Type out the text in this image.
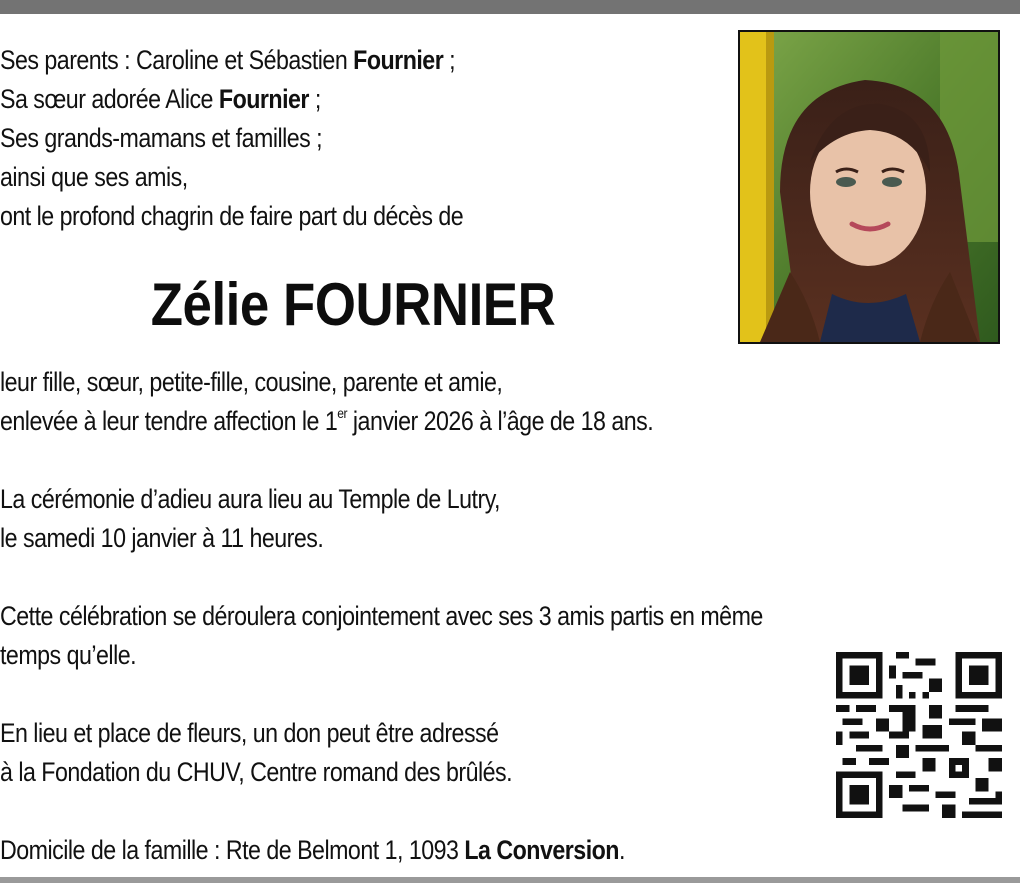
Ses parents : Caroline et Sébastien Fournier ;
Sa sœur adorée Alice Fournier ;
Ses grands-mamans et familles ;
ainsi que ses amis,
ont le profond chagrin de faire part du décès de
Zélie FOURNIER
leur fille, sœur, petite-fille, cousine, parente et amie,
enlevée à leur tendre affection le 1er janvier 2026 à l’âge de 18 ans.
La cérémonie d’adieu aura lieu au Temple de Lutry,
le samedi 10 janvier à 11 heures.
Cette célébration se déroulera conjointement avec ses 3 amis partis en même
temps qu’elle.
En lieu et place de fleurs, un don peut être adressé
à la Fondation du CHUV, Centre romand des brûlés.
Domicile de la famille : Rte de Belmont 1, 1093 La Conversion.
